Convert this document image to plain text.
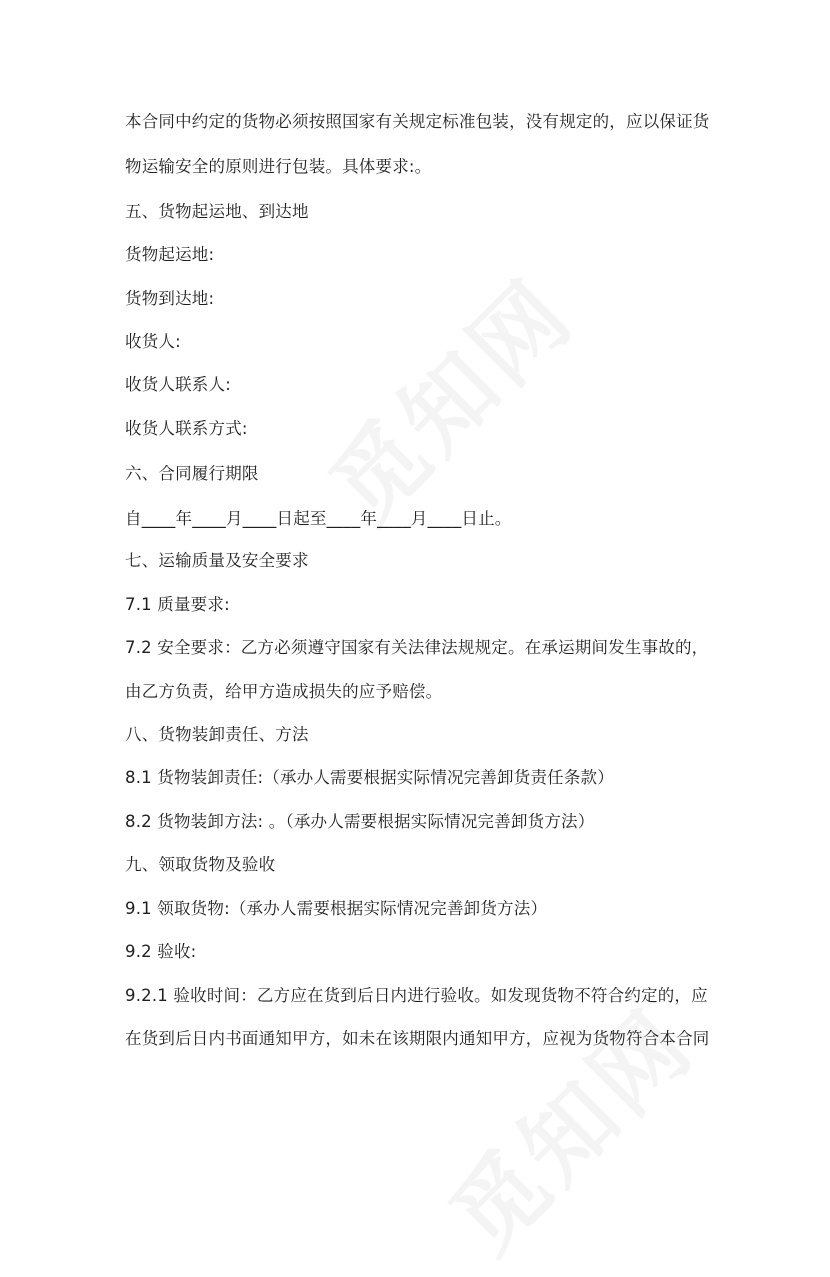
本合同中约定的货物必须按照国家有关规定标准包装，没有规定的，应以保证货

物运输安全的原则进行包装。具体要求:。

五、货物起运地、到达地

货物起运地:

货物到达地:

收货人:

收货人联系人:

收货人联系方式:

六、合同履行期限

自____年____月____日起至____年____月____日止。

七、运输质量及安全要求

7.1 质量要求:

7.2 安全要求：乙方必须遵守国家有关法律法规规定。在承运期间发生事故的，

由乙方负责，给甲方造成损失的应予赔偿。

八、货物装卸责任、方法

8.1 货物装卸责任:（承办人需要根据实际情况完善卸货责任条款）

8.2 货物装卸方法: 。（承办人需要根据实际情况完善卸货方法）

九、领取货物及验收

9.1 领取货物:（承办人需要根据实际情况完善卸货方法）

9.2 验收:

9.2.1 验收时间：乙方应在货到后日内进行验收。如发现货物不符合约定的，应

在货到后日内书面通知甲方，如未在该期限内通知甲方，应视为货物符合本合同
